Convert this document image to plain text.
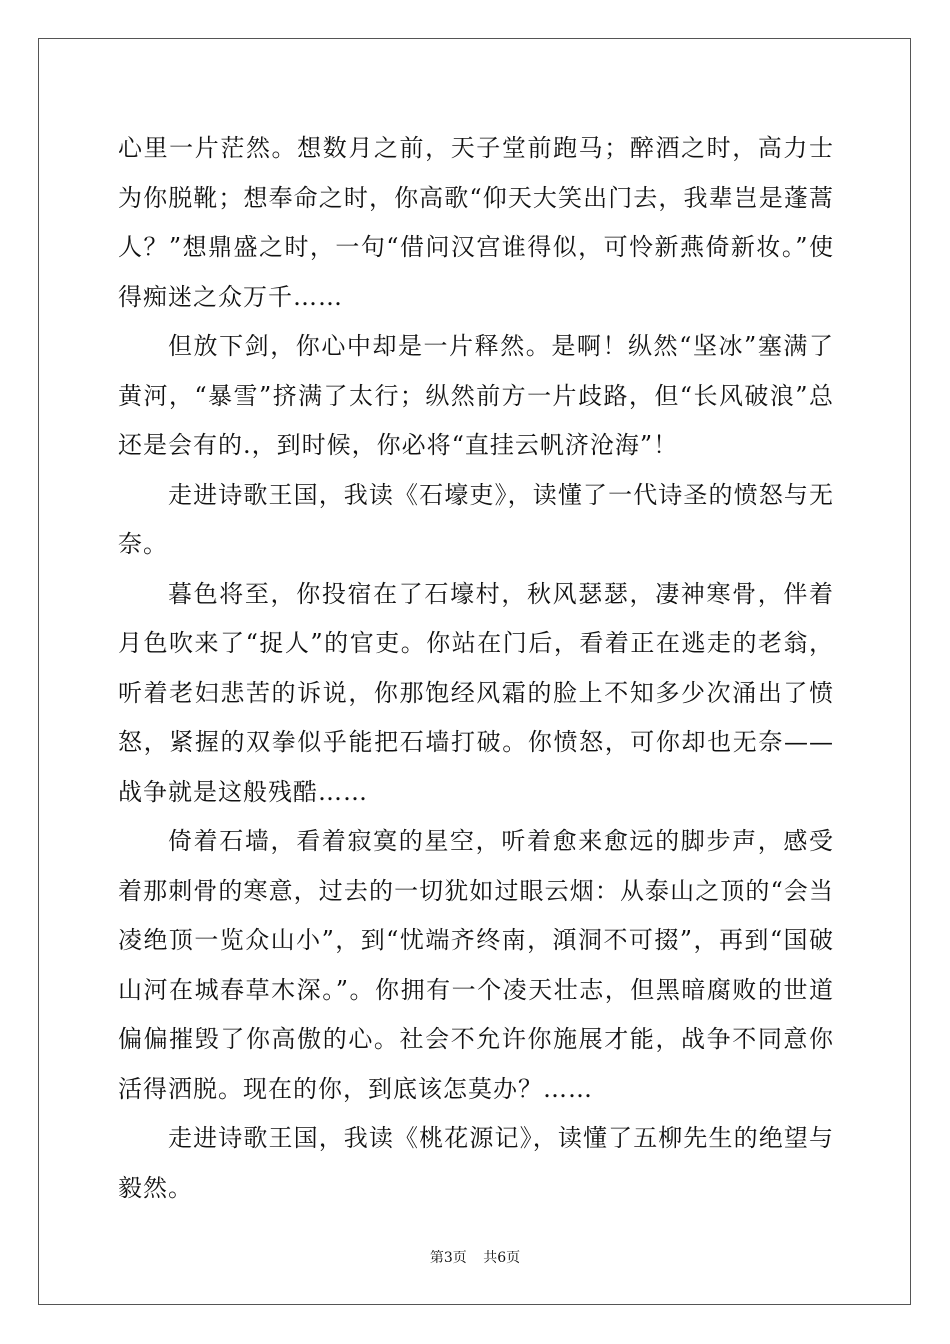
心里一片茫然。想数月之前，天子堂前跑马；醉酒之时，高力士为你脱靴；想奉命之时，你高歌“仰天大笑出门去，我辈岂是蓬蒿人？”想鼎盛之时，一句“借问汉宫谁得似，可怜新燕倚新妆。”使得痴迷之众万千……

但放下剑，你心中却是一片释然。是啊！纵然“坚冰”塞满了黄河，“暴雪”挤满了太行；纵然前方一片歧路，但“长风破浪”总还是会有的.，到时候，你必将“直挂云帆济沧海”！

走进诗歌王国，我读《石壕吏》，读懂了一代诗圣的愤怒与无奈。

暮色将至，你投宿在了石壕村，秋风瑟瑟，凄神寒骨，伴着月色吹来了“捉人”的官吏。你站在门后，看着正在逃走的老翁，听着老妇悲苦的诉说，你那饱经风霜的脸上不知多少次涌出了愤怒，紧握的双拳似乎能把石墙打破。你愤怒，可你却也无奈——战争就是这般残酷……

倚着石墙，看着寂寞的星空，听着愈来愈远的脚步声，感受着那刺骨的寒意，过去的一切犹如过眼云烟：从泰山之顶的“会当凌绝顶一览众山小”，到“忧端齐终南，澒洞不可掇”，再到“国破山河在城春草木深。”。你拥有一个凌天壮志，但黑暗腐败的世道偏偏摧毁了你高傲的心。社会不允许你施展才能，战争不同意你活得洒脱。现在的你，到底该怎莫办？……

走进诗歌王国，我读《桃花源记》，读懂了五柳先生的绝望与毅然。

第3页 共6页
